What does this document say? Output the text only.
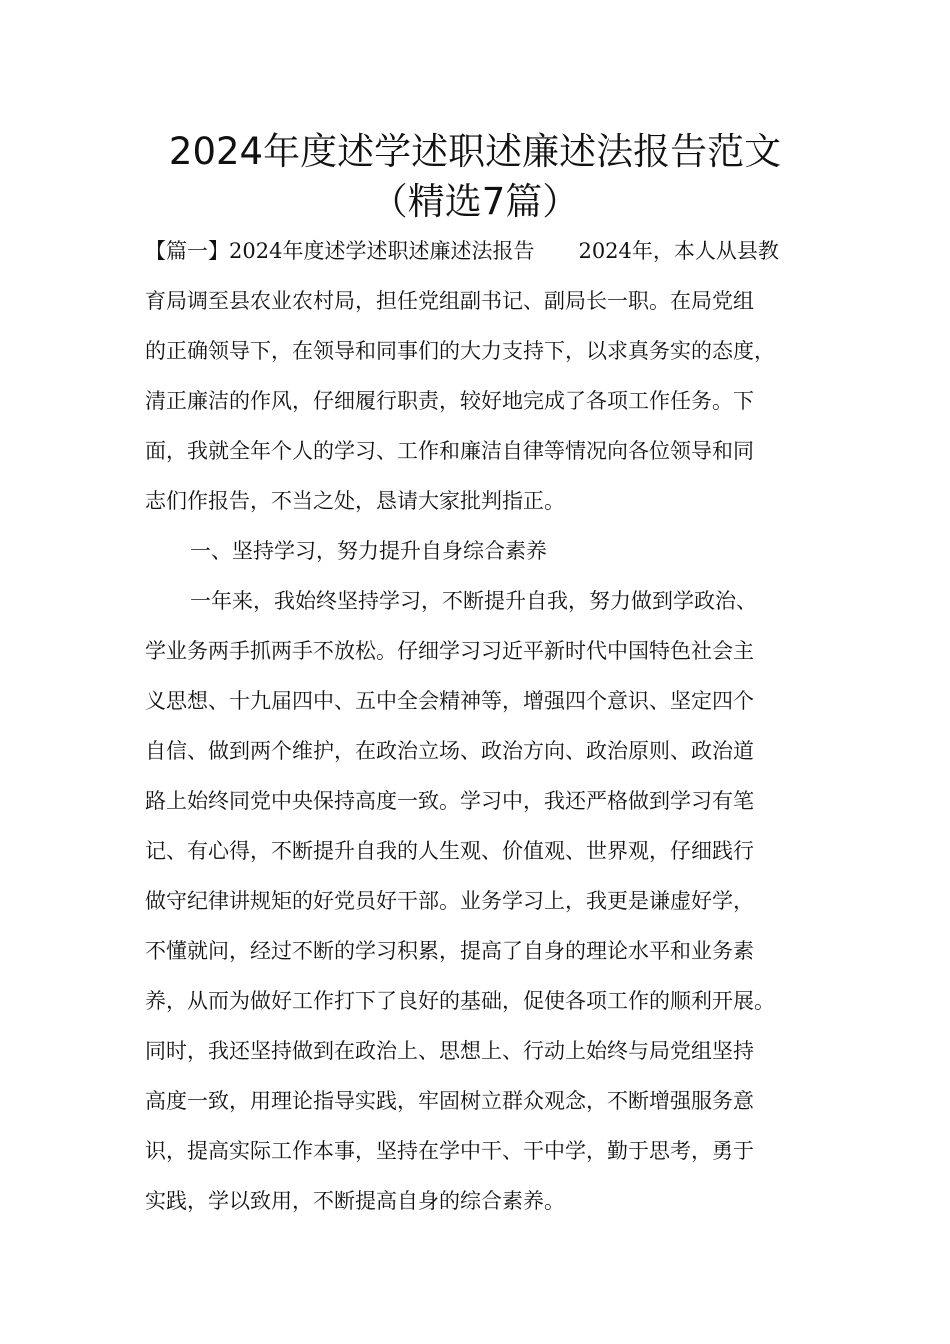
2024年度述学述职述廉述法报告范文
（精选7篇）
【篇一】2024年度述学述职述廉述法报告 2024年，本人从县教
育局调至县农业农村局，担任党组副书记、副局长一职。在局党组
的正确领导下，在领导和同事们的大力支持下，以求真务实的态度，
清正廉洁的作风，仔细履行职责，较好地完成了各项工作任务。下
面，我就全年个人的学习、工作和廉洁自律等情况向各位领导和同
志们作报告，不当之处，恳请大家批判指正。
一、坚持学习，努力提升自身综合素养
一年来，我始终坚持学习，不断提升自我，努力做到学政治、
学业务两手抓两手不放松。仔细学习习近平新时代中国特色社会主
义思想、十九届四中、五中全会精神等，增强四个意识、坚定四个
自信、做到两个维护，在政治立场、政治方向、政治原则、政治道
路上始终同党中央保持高度一致。学习中，我还严格做到学习有笔
记、有心得，不断提升自我的人生观、价值观、世界观，仔细践行
做守纪律讲规矩的好党员好干部。业务学习上，我更是谦虚好学，
不懂就问，经过不断的学习积累，提高了自身的理论水平和业务素
养，从而为做好工作打下了良好的基础，促使各项工作的顺利开展。
同时，我还坚持做到在政治上、思想上、行动上始终与局党组坚持
高度一致，用理论指导实践，牢固树立群众观念，不断增强服务意
识，提高实际工作本事，坚持在学中干、干中学，勤于思考，勇于
实践，学以致用，不断提高自身的综合素养。
